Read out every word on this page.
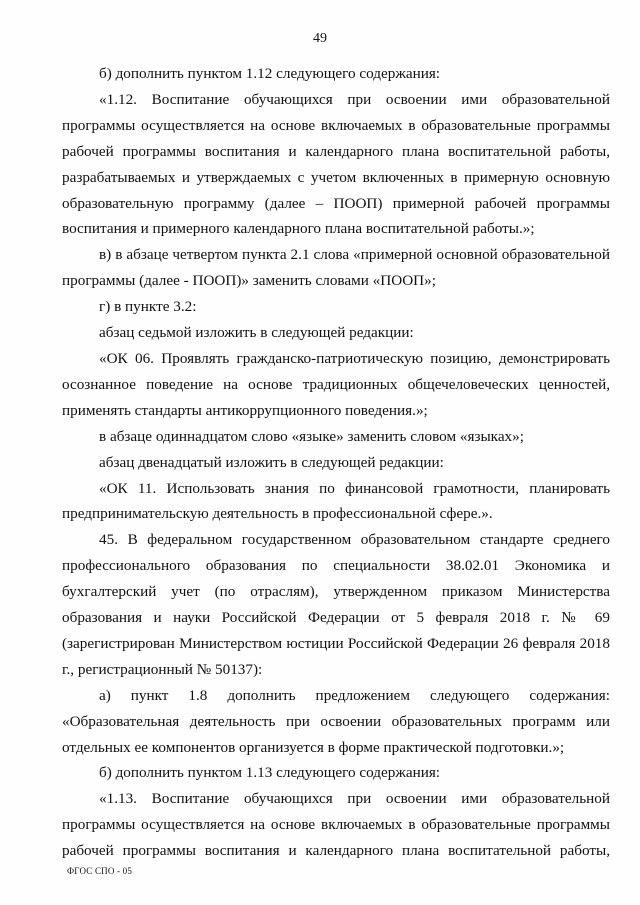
49

б) дополнить пунктом 1.12 следующего содержания:

«1.12. Воспитание обучающихся при освоении ими образовательной программы осуществляется на основе включаемых в образовательные программы рабочей программы воспитания и календарного плана воспитательной работы, разрабатываемых и утверждаемых с учетом включенных в примерную основную образовательную программу (далее – ПООП) примерной рабочей программы воспитания и примерного календарного плана воспитательной работы.»;

в) в абзаце четвертом пункта 2.1 слова «примерной основной образовательной программы (далее - ПООП)» заменить словами «ПООП»;

г) в пункте 3.2:

абзац седьмой изложить в следующей редакции:

«ОК 06. Проявлять гражданско-патриотическую позицию, демонстрировать осознанное поведение на основе традиционных общечеловеческих ценностей, применять стандарты антикоррупционного поведения.»;

в абзаце одиннадцатом слово «языке» заменить словом «языках»;

абзац двенадцатый изложить в следующей редакции:

«ОК 11. Использовать знания по финансовой грамотности, планировать предпринимательскую деятельность в профессиональной сфере.».

45. В федеральном государственном образовательном стандарте среднего профессионального образования по специальности 38.02.01 Экономика и бухгалтерский учет (по отраслям), утвержденном приказом Министерства образования и науки Российской Федерации от 5 февраля 2018 г. № 69 (зарегистрирован Министерством юстиции Российской Федерации 26 февраля 2018 г., регистрационный № 50137):

а) пункт 1.8 дополнить предложением следующего содержания: «Образовательная деятельность при освоении образовательных программ или отдельных ее компонентов организуется в форме практической подготовки.»;

б) дополнить пунктом 1.13 следующего содержания:

«1.13. Воспитание обучающихся при освоении ими образовательной программы осуществляется на основе включаемых в образовательные программы рабочей программы воспитания и календарного плана воспитательной работы,

ФГОС СПО - 05
